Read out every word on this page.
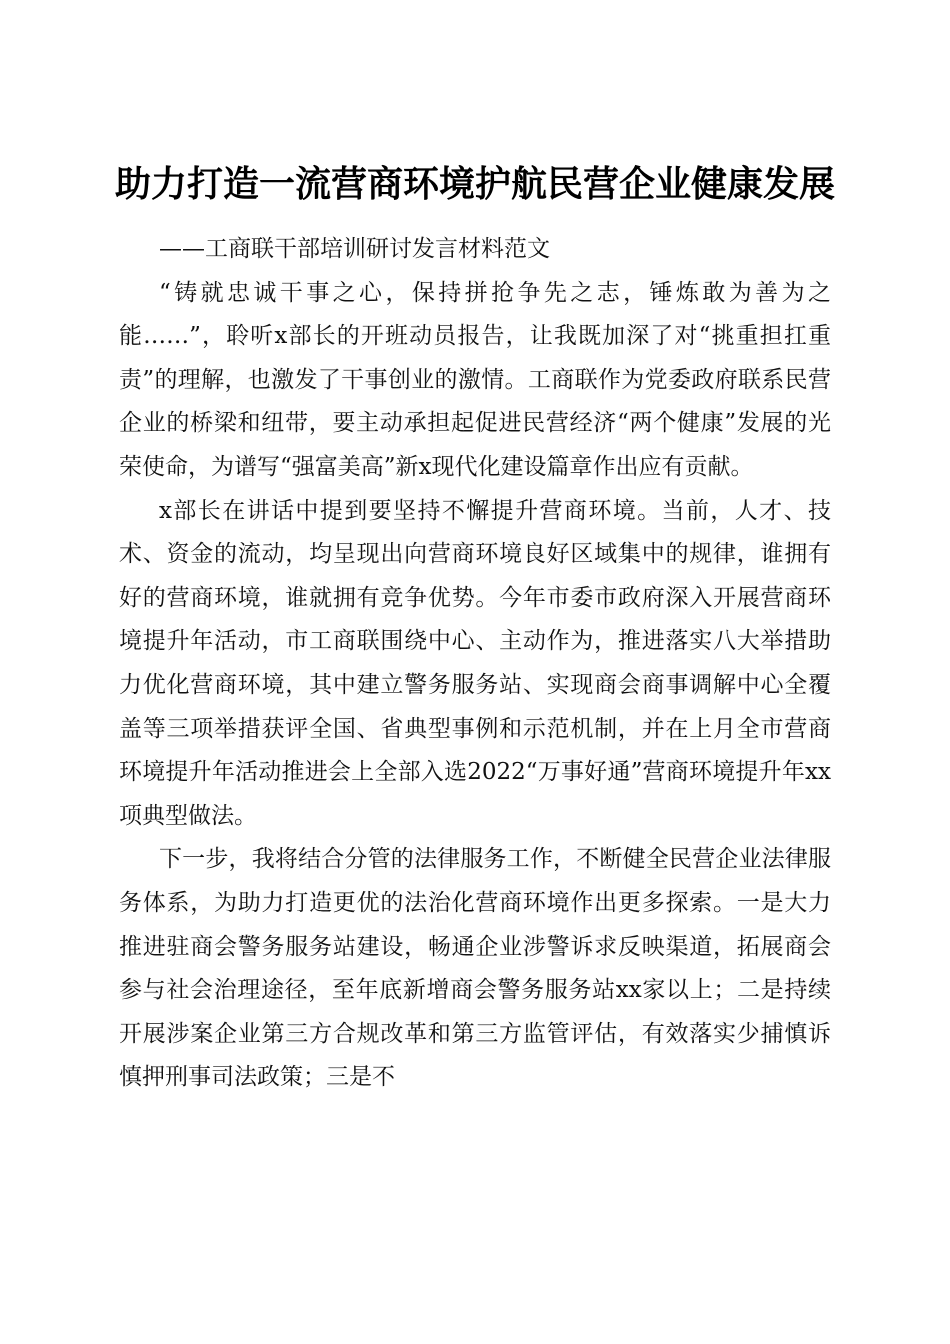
助力打造一流营商环境护航民营企业健康发展

——工商联干部培训研讨发言材料范文

“铸就忠诚干事之心，保持拼抢争先之志，锤炼敢为善为之能……”，聆听x部长的开班动员报告，让我既加深了对“挑重担扛重责”的理解，也激发了干事创业的激情。工商联作为党委政府联系民营企业的桥梁和纽带，要主动承担起促进民营经济“两个健康”发展的光荣使命，为谱写“强富美高”新x现代化建设篇章作出应有贡献。

x部长在讲话中提到要坚持不懈提升营商环境。当前，人才、技术、资金的流动，均呈现出向营商环境良好区域集中的规律，谁拥有好的营商环境，谁就拥有竞争优势。今年市委市政府深入开展营商环境提升年活动，市工商联围绕中心、主动作为，推进落实八大举措助力优化营商环境，其中建立警务服务站、实现商会商事调解中心全覆盖等三项举措获评全国、省典型事例和示范机制，并在上月全市营商环境提升年活动推进会上全部入选2022“万事好通”营商环境提升年xx项典型做法。

下一步，我将结合分管的法律服务工作，不断健全民营企业法律服务体系，为助力打造更优的法治化营商环境作出更多探索。一是大力推进驻商会警务服务站建设，畅通企业涉警诉求反映渠道，拓展商会参与社会治理途径，至年底新增商会警务服务站xx家以上；二是持续开展涉案企业第三方合规改革和第三方监管评估，有效落实少捕慎诉慎押刑事司法政策；三是不
